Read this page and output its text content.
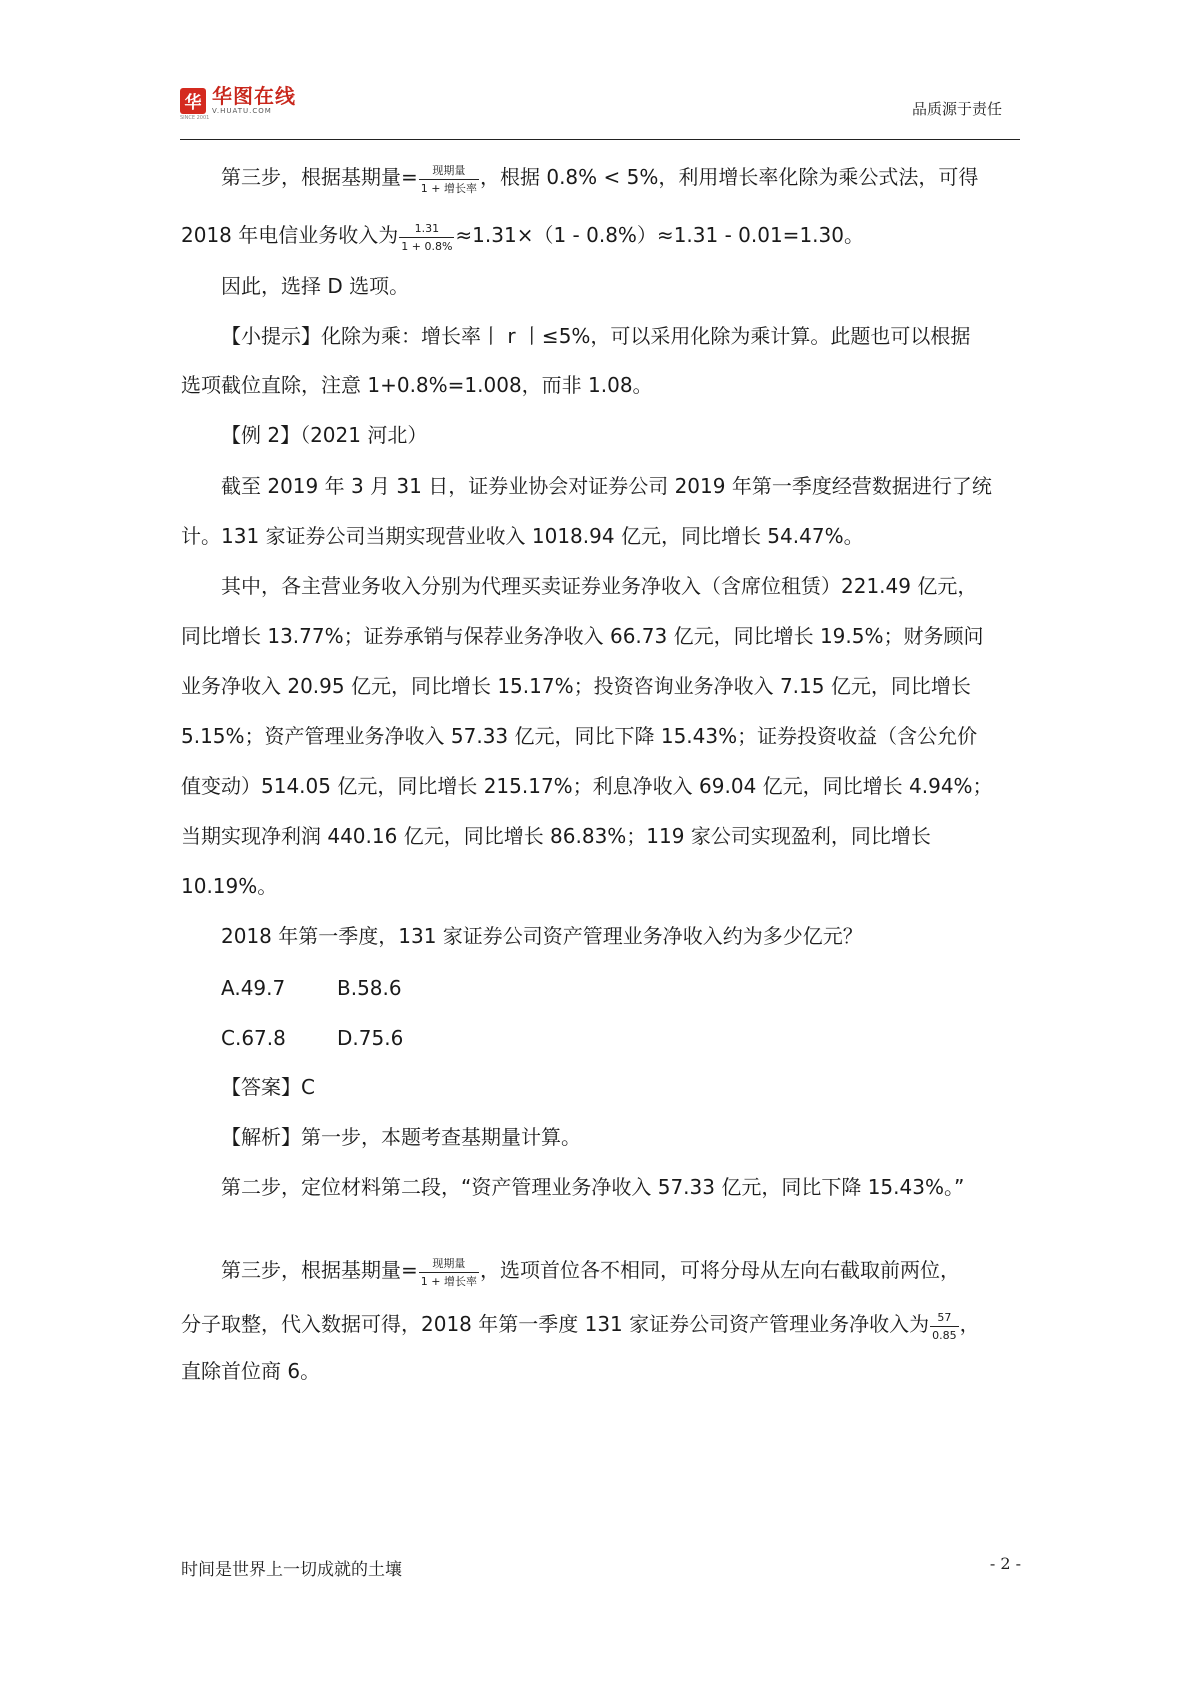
华 华图在线
V.HUATU.COM
SINCE 2001	品质源于责任
第三步，根据基期量= $\frac{\text{现期量}}{\text{1 + 增长率}}$ ，根据 0.8% < 5%，利用增长率化除为乘公式法，可得
2018 年电信业务收入为 $\frac{1.31}{1 + 0.8\%} \approx 1.31\times(1 - 0.8\%)\approx 1.31 - 0.01=1.30$。
因此，选择 D 选项。
【小提示】化除为乘：增长率丨 r 丨≤5%，可以采用化除为乘计算。此题也可以根据
选项截位直除，注意 1+0.8%=1.008，而非 1.08。
【例 2】（2021 河北）
截至 2019 年 3 月 31 日，证券业协会对证券公司 2019 年第一季度经营数据进行了统
计。131 家证券公司当期实现营业收入 1018.94 亿元，同比增长 54.47%。
其中，各主营业务收入分别为代理买卖证券业务净收入（含席位租赁）221.49 亿元，
同比增长 13.77%；证券承销与保荐业务净收入 66.73 亿元，同比增长 19.5%；财务顾问
业务净收入 20.95 亿元，同比增长 15.17%；投资咨询业务净收入 7.15 亿元，同比增长
5.15%；资产管理业务净收入 57.33 亿元，同比下降 15.43%；证券投资收益（含公允价
值变动）514.05 亿元，同比增长 215.17%；利息净收入 69.04 亿元，同比增长 4.94%；
当期实现净利润 440.16 亿元，同比增长 86.83%；119 家公司实现盈利，同比增长
10.19%。
2018 年第一季度，131 家证券公司资产管理业务净收入约为多少亿元？
A.49.7	B.58.6
C.67.8	D.75.6
【答案】C
【解析】第一步，本题考查基期量计算。
第二步，定位材料第二段，“资产管理业务净收入 57.33 亿元，同比下降 15.43%。”
第三步，根据基期量= $\frac{\text{现期量}}{\text{1 + 增长率}}$ ，选项首位各不相同，可将分母从左向右截取前两位，
分子取整，代入数据可得，2018 年第一季度 131 家证券公司资产管理业务净收入为 $\frac{57}{0.85}$ ，
直除首位商 6。
时间是世界上一切成就的土壤	- 2 -
